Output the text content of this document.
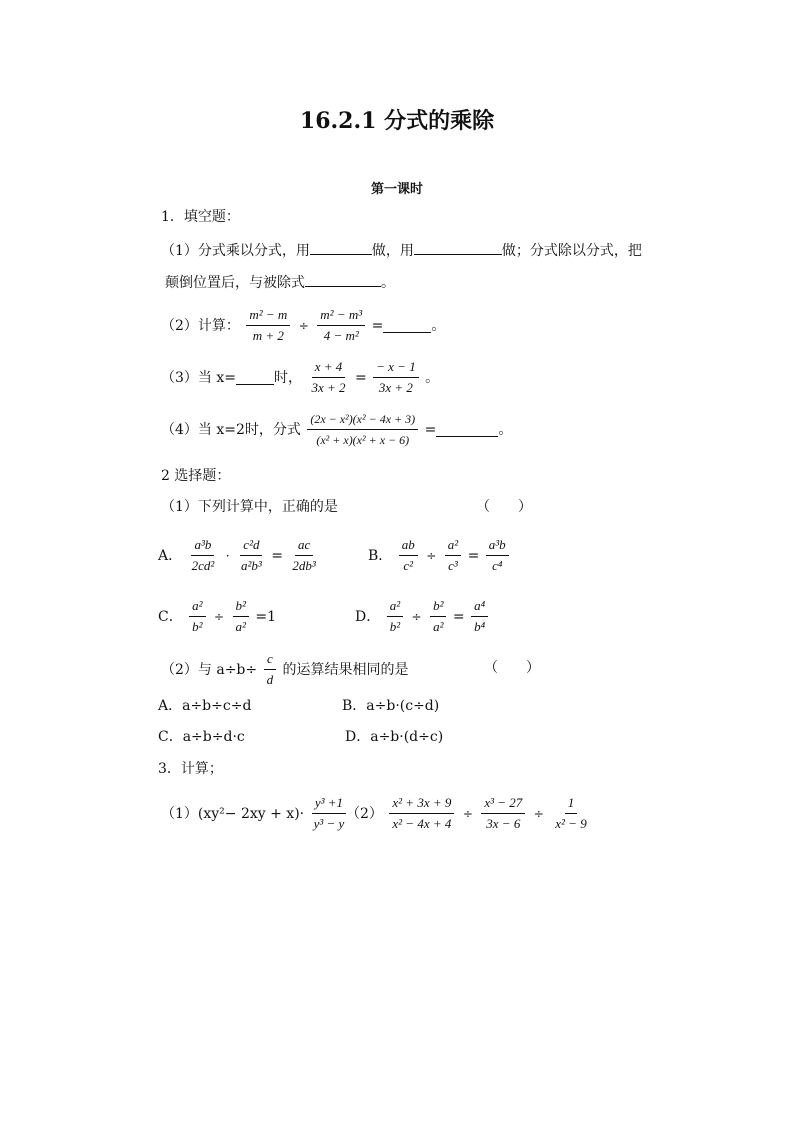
16.2.1 分式的乘除
第一课时
1．填空题：
（1）分式乘以分式，用	做，用	做；分式除以分式，把
颠倒位置后，与被除式	。
（2）计算： $\frac{\text{m² − m}}{m + 2} \div \frac{\text{m² − m³}}{\text{4 − m²}}$ =	。
（3）当 x=	时， $\frac{x + 4}{3x + 2} = \frac{- x - 1}{3x + 2}$ 。
（4）当 x=2时，分式 $\frac{\text{(2x − x²)(x² − 4x + 3)}}{\text{(x² + x)(x² + x − 6)}}$ =	。
2 选择题：
（1）下列计算中，正确的是	（　　）
A． $\frac{\text{a³b}}{\text{2cd²}} \cdot \frac{\text{c²d}}{\text{a²b³}} = \frac{ac}{\text{2db³}}$	B． $\frac{ab}{\text{c²}} \div \frac{\text{a²}}{\text{c³}} = \frac{\text{a³b}}{\text{c⁴}}$
C． $\frac{\text{a²}}{\text{b²}} \div \frac{\text{b²}}{\text{a²}} =1$	D． $\frac{\text{a²}}{\text{b²}} \div \frac{\text{b²}}{\text{a²}} = \frac{\text{a⁴}}{\text{b⁴}}$
（2）与 $a\div b\div \frac{c}{d}$ 的运算结果相同的是	（　　）
A．a÷b÷c÷d	B．a÷b·(c÷d)
C．a÷b÷d·c	D．a÷b·(d÷c)
3．计算；
$(1)(xy^2- 2xy + x)\cdot \frac{\text{y³ +1}}{\text{y³ − y}}$
$(2) \frac{\text{x² + 3x + 9}}{\text{x² − 4x + 4}} \div \frac{\text{x³ − 27}}{3x - 6} \div \frac{1}{\text{x² − 9}}$
